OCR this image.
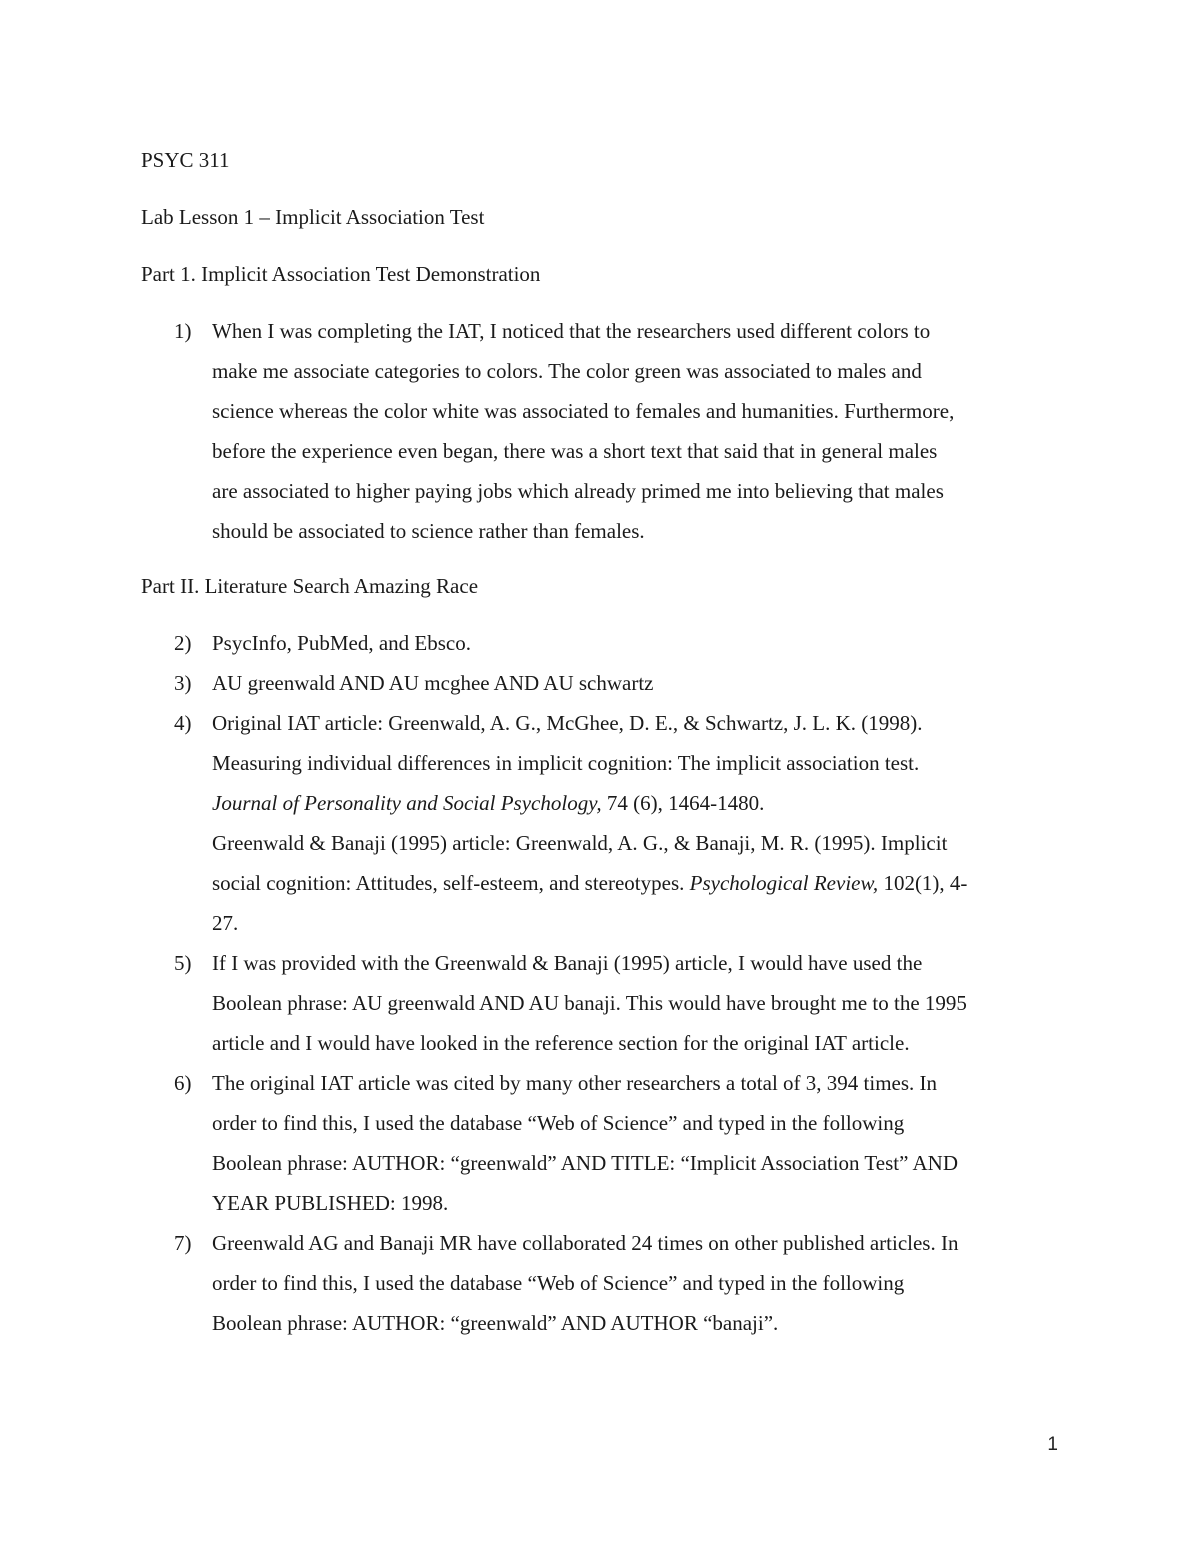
PSYC 311

Lab Lesson 1 – Implicit Association Test

Part 1. Implicit Association Test Demonstration

1) When I was completing the IAT, I noticed that the researchers used different colors to

make me associate categories to colors. The color green was associated to males and

science whereas the color white was associated to females and humanities. Furthermore,

before the experience even began, there was a short text that said that in general males

are associated to higher paying jobs which already primed me into believing that males

should be associated to science rather than females.

Part II. Literature Search Amazing Race

2) PsycInfo, PubMed, and Ebsco.

3) AU greenwald AND AU mcghee AND AU schwartz

4) Original IAT article: Greenwald, A. G., McGhee, D. E., & Schwartz, J. L. K. (1998).

Measuring individual differences in implicit cognition: The implicit association test.

Journal of Personality and Social Psychology, 74 (6), 1464-1480.

Greenwald & Banaji (1995) article: Greenwald, A. G., & Banaji, M. R. (1995). Implicit

social cognition: Attitudes, self-esteem, and stereotypes. Psychological Review, 102(1), 4-

27.

5) If I was provided with the Greenwald & Banaji (1995) article, I would have used the

Boolean phrase: AU greenwald AND AU banaji. This would have brought me to the 1995

article and I would have looked in the reference section for the original IAT article.

6) The original IAT article was cited by many other researchers a total of 3, 394 times. In

order to find this, I used the database “Web of Science” and typed in the following

Boolean phrase: AUTHOR: “greenwald” AND TITLE: “Implicit Association Test” AND

YEAR PUBLISHED: 1998.

7) Greenwald AG and Banaji MR have collaborated 24 times on other published articles. In

order to find this, I used the database “Web of Science” and typed in the following

Boolean phrase: AUTHOR: “greenwald” AND AUTHOR “banaji”.

1
